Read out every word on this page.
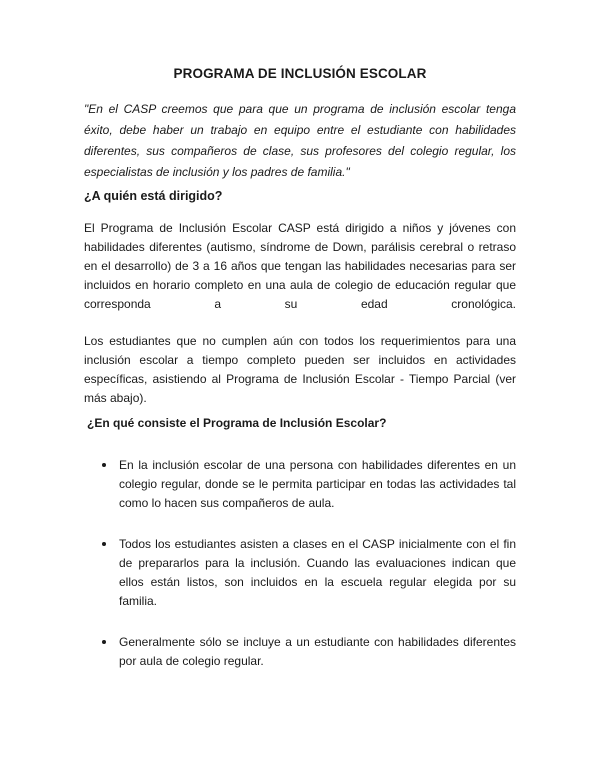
PROGRAMA DE INCLUSIÓN ESCOLAR

"En el CASP creemos que para que un programa de inclusión escolar tenga éxito, debe haber un trabajo en equipo entre el estudiante con habilidades diferentes, sus compañeros de clase, sus profesores del colegio regular, los especialistas de inclusión y los padres de familia."

¿A quién está dirigido?

El Programa de Inclusión Escolar CASP está dirigido a niños y jóvenes con habilidades diferentes (autismo, síndrome de Down, parálisis cerebral o retraso en el desarrollo) de 3 a 16 años que tengan las habilidades necesarias para ser incluidos en horario completo en una aula de colegio de educación regular que corresponda a su edad cronológica.

Los estudiantes que no cumplen aún con todos los requerimientos para una inclusión escolar a tiempo completo pueden ser incluidos en actividades específicas, asistiendo al Programa de Inclusión Escolar - Tiempo Parcial (ver más abajo).

¿En qué consiste el Programa de Inclusión Escolar?
En la inclusión escolar de una persona con habilidades diferentes en un colegio regular, donde se le permita participar en todas las actividades tal como lo hacen sus compañeros de aula.
Todos los estudiantes asisten a clases en el CASP inicialmente con el fin de prepararlos para la inclusión. Cuando las evaluaciones indican que ellos están listos, son incluidos en la escuela regular elegida por su familia.
Generalmente sólo se incluye a un estudiante con habilidades diferentes por aula de colegio regular.
